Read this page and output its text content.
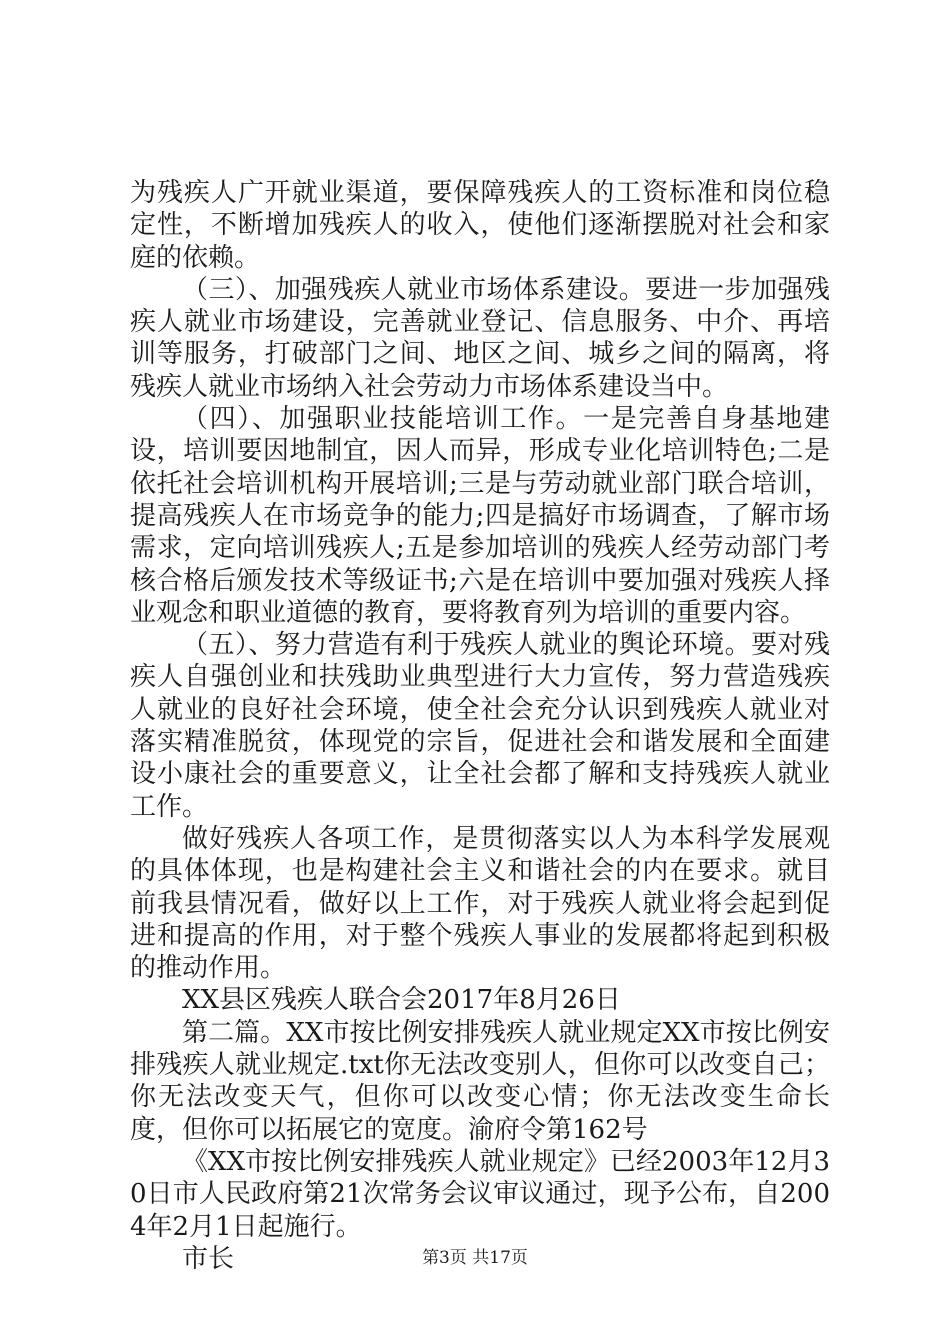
为残疾人广开就业渠道，要保障残疾人的工资标准和岗位稳定性，不断增加残疾人的收入，使他们逐渐摆脱对社会和家庭的依赖。

（三）、加强残疾人就业市场体系建设。要进一步加强残疾人就业市场建设，完善就业登记、信息服务、中介、再培训等服务，打破部门之间、地区之间、城乡之间的隔离，将残疾人就业市场纳入社会劳动力市场体系建设当中。

（四）、加强职业技能培训工作。一是完善自身基地建设，培训要因地制宜，因人而异，形成专业化培训特色;二是依托社会培训机构开展培训;三是与劳动就业部门联合培训，提高残疾人在市场竞争的能力;四是搞好市场调查，了解市场需求，定向培训残疾人;五是参加培训的残疾人经劳动部门考核合格后颁发技术等级证书;六是在培训中要加强对残疾人择业观念和职业道德的教育，要将教育列为培训的重要内容。

（五）、努力营造有利于残疾人就业的舆论环境。要对残疾人自强创业和扶残助业典型进行大力宣传，努力营造残疾人就业的良好社会环境，使全社会充分认识到残疾人就业对落实精准脱贫，体现党的宗旨，促进社会和谐发展和全面建设小康社会的重要意义，让全社会都了解和支持残疾人就业工作。

做好残疾人各项工作，是贯彻落实以人为本科学发展观的具体体现，也是构建社会主义和谐社会的内在要求。就目前我县情况看，做好以上工作，对于残疾人就业将会起到促进和提高的作用，对于整个残疾人事业的发展都将起到积极的推动作用。

XX县区残疾人联合会2017年8月26日

第二篇。XX市按比例安排残疾人就业规定XX市按比例安排残疾人就业规定.txt你无法改变别人，但你可以改变自己；你无法改变天气，但你可以改变心情；你无法改变生命长度，但你可以拓展它的宽度。渝府令第162号

《XX市按比例安排残疾人就业规定》已经2003年12月30日市人民政府第21次常务会议审议通过，现予公布，自2004年2月1日起施行。

市长	第3页 共17页
